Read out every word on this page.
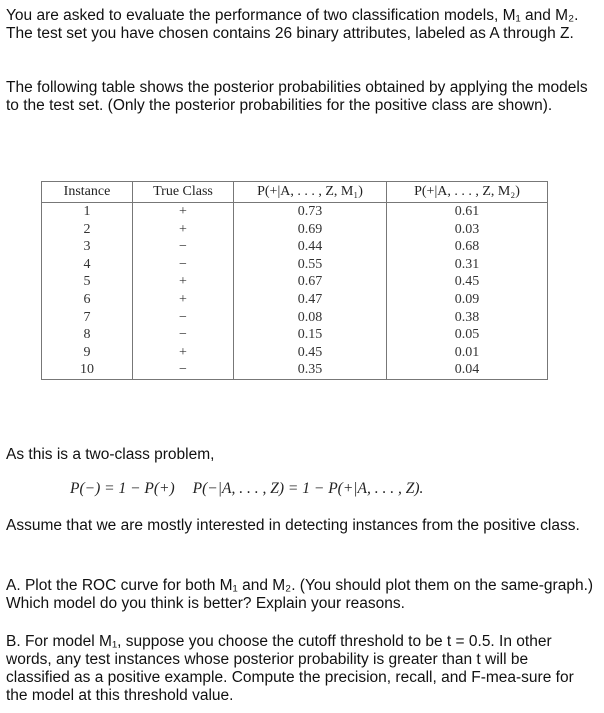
You are asked to evaluate the performance of two classification models, M₁ and M₂. The test set you have chosen contains 26 binary attributes, labeled as A through Z.

The following table shows the posterior probabilities obtained by applying the models to the test set. (Only the posterior probabilities for the positive class are shown).

Instance	True Class	P(+|A, . . . , Z, M₁)	P(+|A, . . . , Z, M₂)
1	+	0.73	0.61
2	+	0.69	0.03
3	−	0.44	0.68
4	−	0.55	0.31
5	+	0.67	0.45
6	+	0.47	0.09
7	−	0.08	0.38
8	−	0.15	0.05
9	+	0.45	0.01
10	−	0.35	0.04

As this is a two-class problem,

P(−) = 1 − P(+) P(−|A, . . . , Z) = 1 − P(+|A, . . . , Z).

Assume that we are mostly interested in detecting instances from the positive class.

A. Plot the ROC curve for both M₁ and M₂. (You should plot them on the same-graph.) Which model do you think is better? Explain your reasons.

B. For model M₁, suppose you choose the cutoff threshold to be t = 0.5. In other words, any test instances whose posterior probability is greater than t will be classified as a positive example. Compute the precision, recall, and F-mea-sure for the model at this threshold value.
